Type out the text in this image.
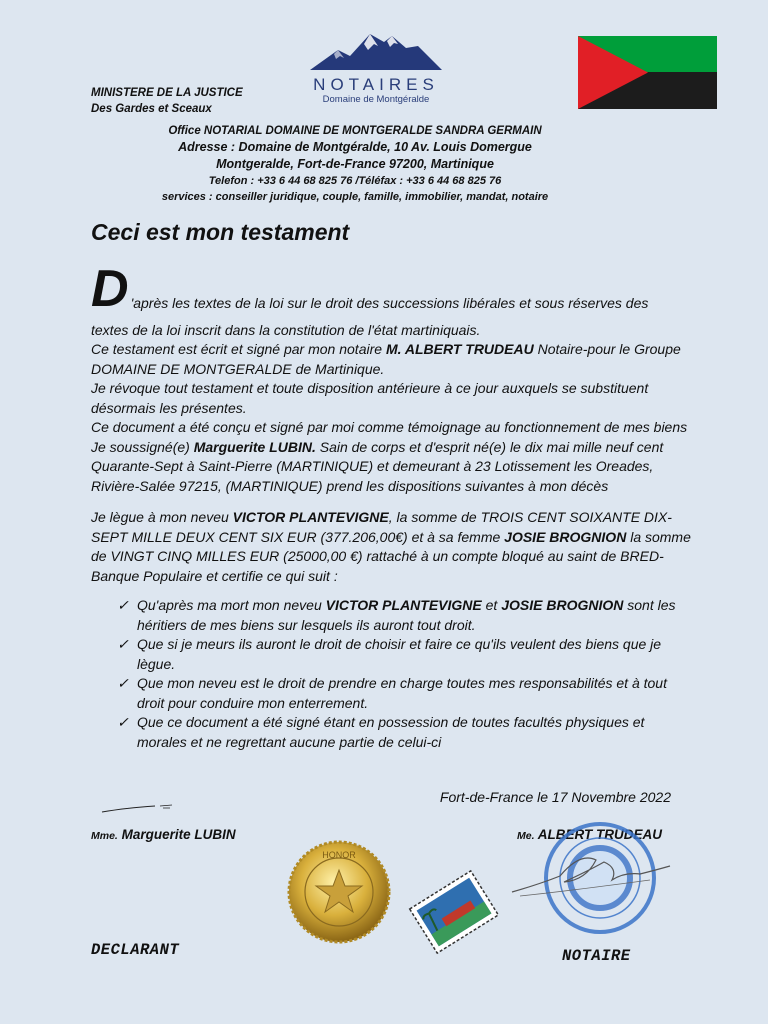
MINISTERE DE LA JUSTICE
Des Gardes et Sceaux
NOTAIRES
Domaine de Montgéralde
Office NOTARIAL DOMAINE DE MONTGERALDE SANDRA GERMAIN
Adresse : Domaine de Montgéralde, 10 Av. Louis Domergue
Montgeralde, Fort-de-France 97200, Martinique
Telefon : +33 6 44 68 825 76 /Téléfax : +33 6 44 68 825 76
services : conseiller juridique, couple, famille, immobilier, mandat, notaire
Ceci est mon testament
D 'après les textes de la loi sur le droit des successions libérales et sous réserves des

textes de la loi inscrit dans la constitution de l'état martiniquais.

Ce testament est écrit et signé par mon notaire M. ALBERT TRUDEAU Notaire-pour le Groupe DOMAINE DE MONTGERALDE de Martinique.

Je révoque tout testament et toute disposition antérieure à ce jour auxquels se substituent désormais les présentes.

Ce document a été conçu et signé par moi comme témoignage au fonctionnement de mes biens

Je soussigné(e) Marguerite LUBIN. Sain de corps et d'esprit né(e) le dix mai mille neuf cent Quarante-Sept à Saint-Pierre (MARTINIQUE) et demeurant à 23 Lotissement les Oreades, Rivière-Salée 97215, (MARTINIQUE) prend les dispositions suivantes à mon décès

Je lègue à mon neveu VICTOR PLANTEVIGNE, la somme de TROIS CENT SOIXANTE DIX-SEPT MILLE DEUX CENT SIX EUR (377.206,00€) et à sa femme JOSIE BROGNION la somme de VINGT CINQ MILLES EUR (25000,00 €) rattaché à un compte bloqué au saint de BRED-Banque Populaire et certifie ce qui suit :

✓ Qu'après ma mort mon neveu VICTOR PLANTEVIGNE et JOSIE BROGNION sont les héritiers de mes biens sur lesquels ils auront tout droit.
✓ Que si je meurs ils auront le droit de choisir et faire ce qu'ils veulent des biens que je lègue.
✓ Que mon neveu est le droit de prendre en charge toutes mes responsabilités et à tout droit pour conduire mon enterrement.
✓ Que ce document a été signé étant en possession de toutes facultés physiques et morales et ne regrettant aucune partie de celui-ci
Fort-de-France le 17 Novembre 2022
Mme. Marguerite LUBIN	Me. ALBERT TRUDEAU
HONOR
DECLARANT	NOTAIRE
